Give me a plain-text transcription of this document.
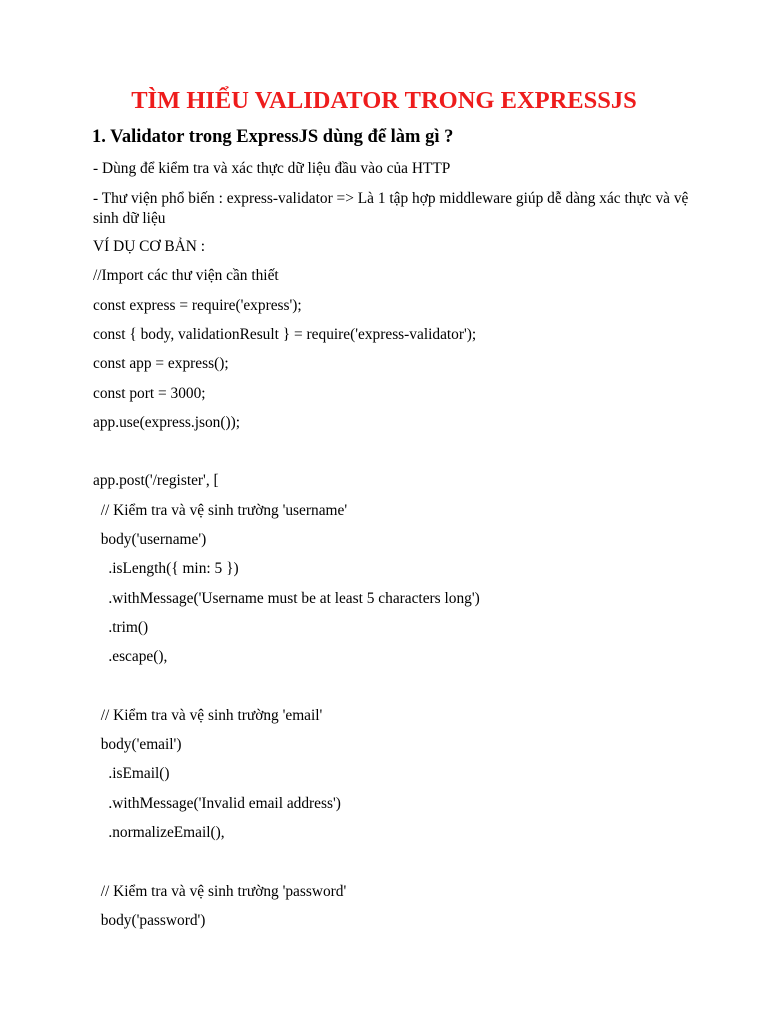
TÌM HIỂU VALIDATOR TRONG EXPRESSJS
1. Validator trong ExpressJS dùng để làm gì ?
- Dùng để kiểm tra và xác thực dữ liệu đầu vào của HTTP
- Thư viện phổ biến : express-validator => Là 1 tập hợp middleware giúp dễ dàng xác thực và vệ sinh dữ liệu
VÍ DỤ CƠ BẢN :
//Import các thư viện cần thiết
const express = require('express');
const { body, validationResult } = require('express-validator');
const app = express();
const port = 3000;
app.use(express.json());
app.post('/register', [
// Kiểm tra và vệ sinh trường 'username'
body('username')
.isLength({ min: 5 })
.withMessage('Username must be at least 5 characters long')
.trim()
.escape(),
// Kiểm tra và vệ sinh trường 'email'
body('email')
.isEmail()
.withMessage('Invalid email address')
.normalizeEmail(),
// Kiểm tra và vệ sinh trường 'password'
body('password')
